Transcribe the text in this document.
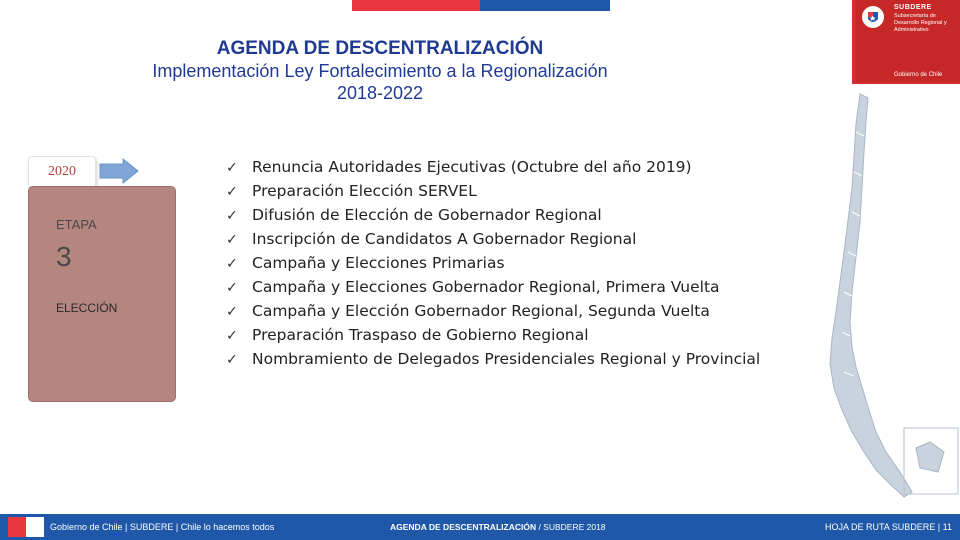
SUBDERE
Subsecretaría de Desarrollo Regional y Administrativo
Gobierno de Chile
AGENDA DE DESCENTRALIZACIÓN
Implementación Ley Fortalecimiento a la Regionalización
2018-2022
2020
ETAPA
3
ELECCIÓN
✓ Renuncia Autoridades Ejecutivas (Octubre del año 2019)
✓ Preparación Elección SERVEL
✓ Difusión de Elección de Gobernador Regional
✓ Inscripción de Candidatos A Gobernador Regional
✓ Campaña y Elecciones Primarias
✓ Campaña y Elecciones Gobernador Regional, Primera Vuelta
✓ Campaña y Elección Gobernador Regional, Segunda Vuelta
✓ Preparación Traspaso de Gobierno Regional
✓ Nombramiento de Delegados Presidenciales Regional y Provincial
Gobierno de Chile | SUBDERE | Chile lo hacemos todos	AGENDA DE DESCENTRALIZACIÓN / SUBDERE 2018	HOJA DE RUTA SUBDERE | 11
